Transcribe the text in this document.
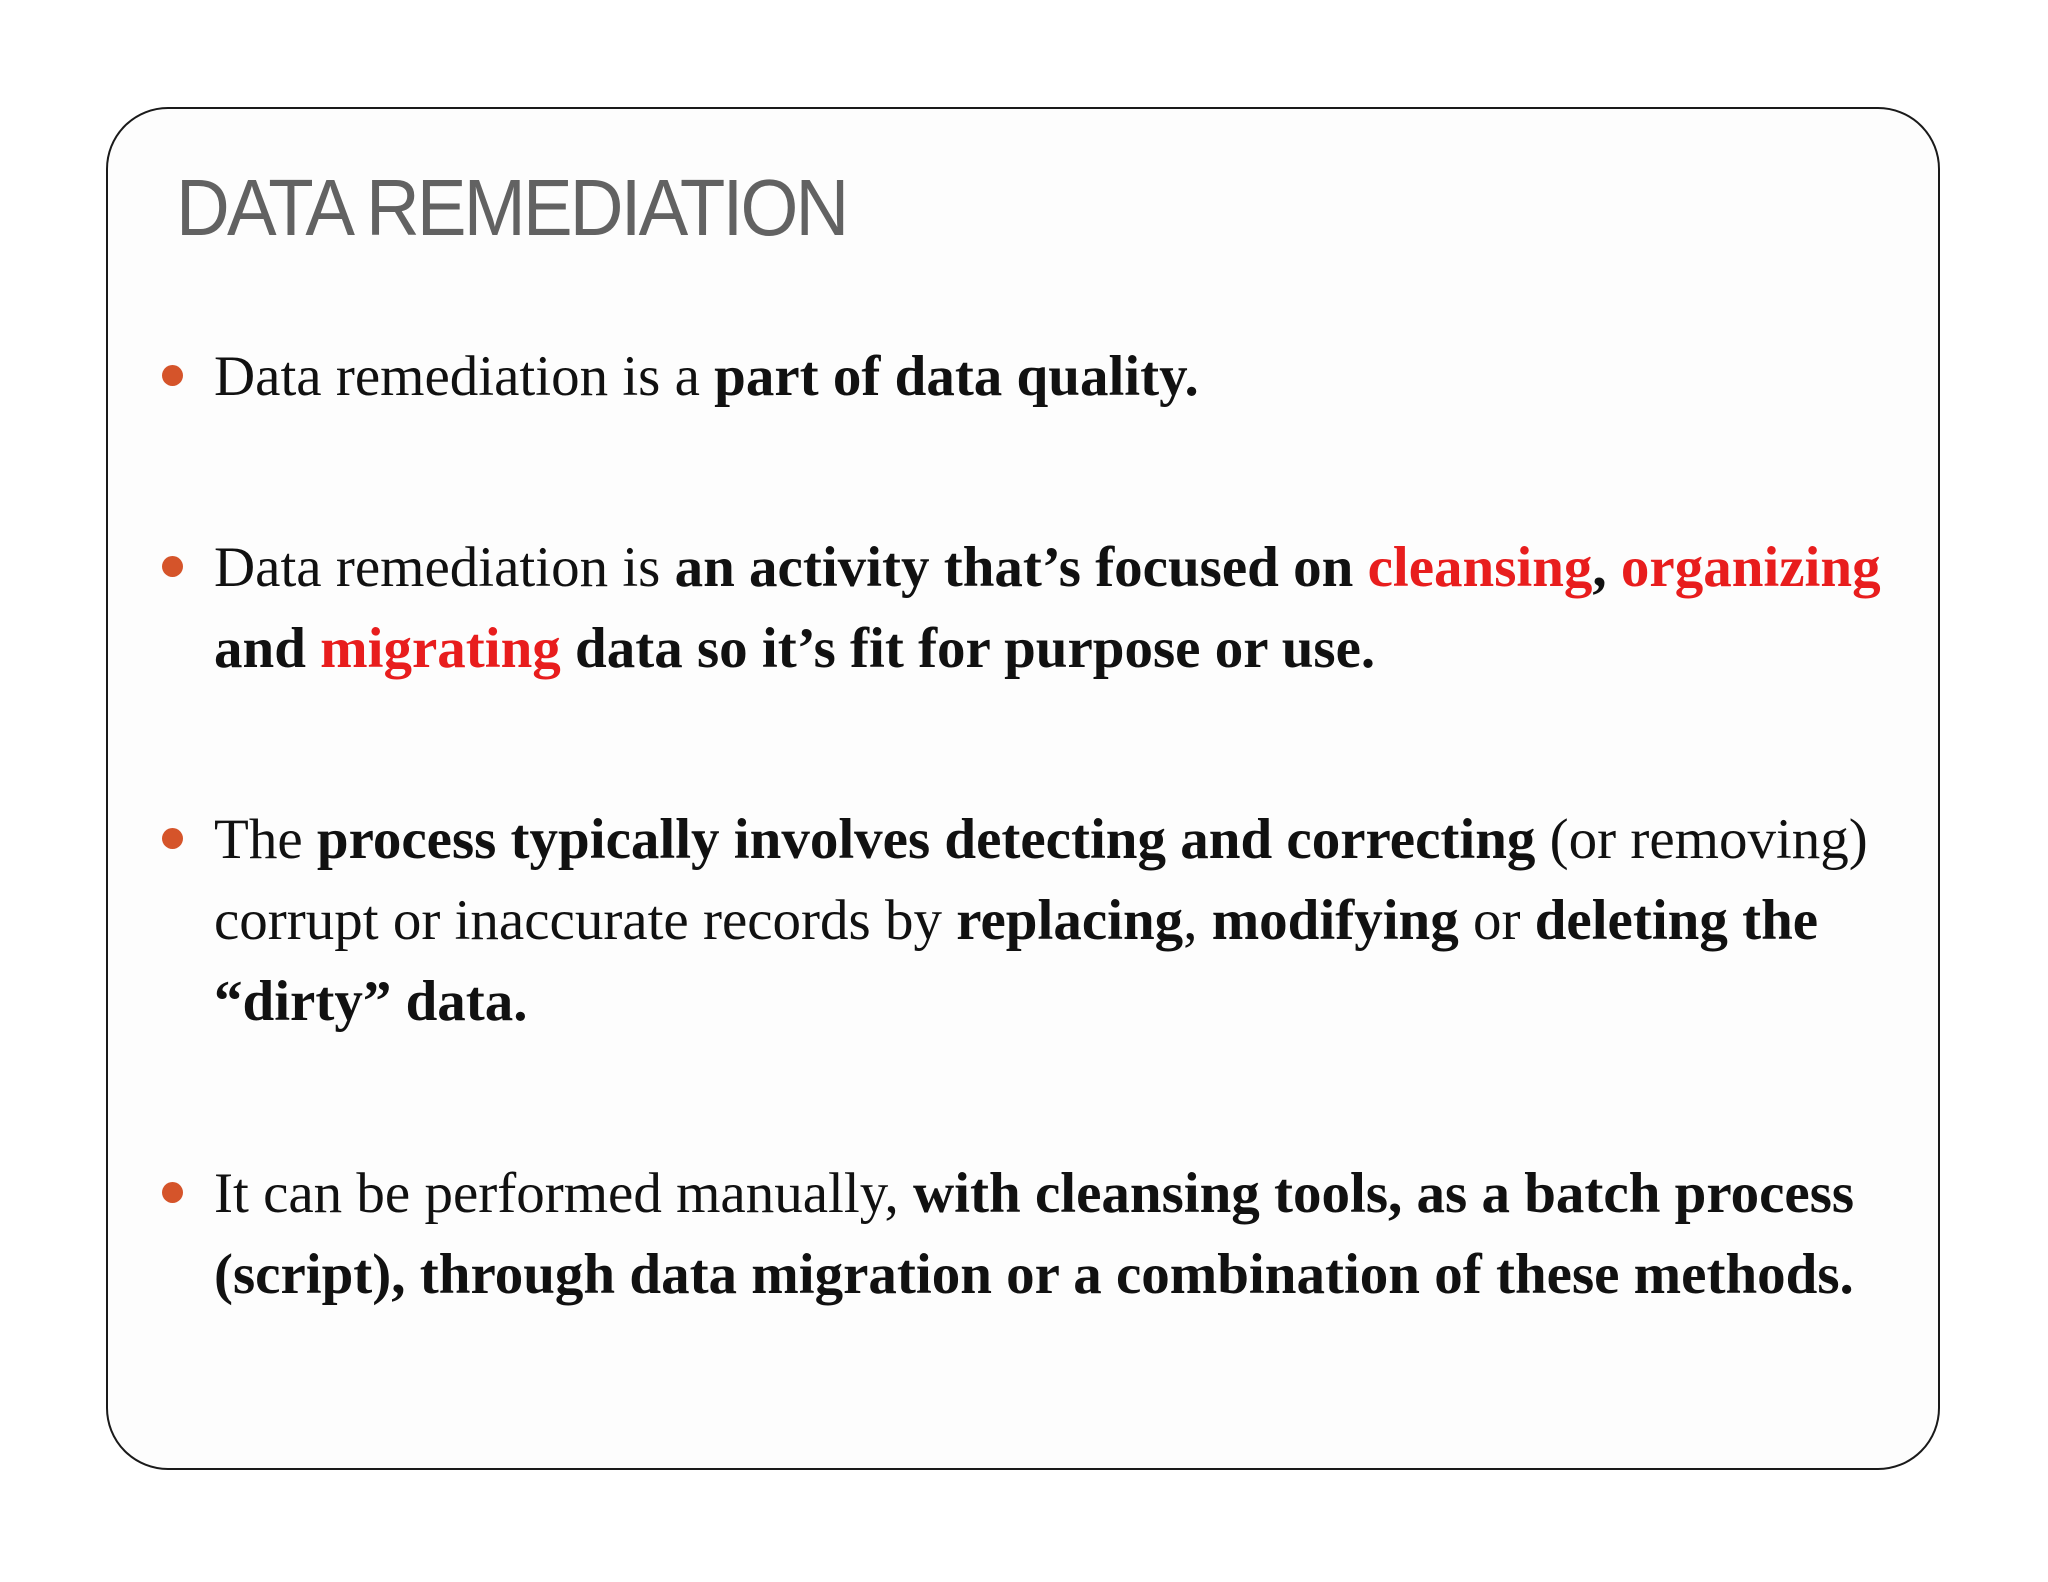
DATA REMEDIATION
Data remediation is a part of data quality.
Data remediation is an activity that’s focused on cleansing, organizing and migrating data so it’s fit for purpose or use.
The process typically involves detecting and correcting (or removing) corrupt or inaccurate records by replacing, modifying or deleting the “dirty” data.
It can be performed manually, with cleansing tools, as a batch process (script), through data migration or a combination of these methods.
